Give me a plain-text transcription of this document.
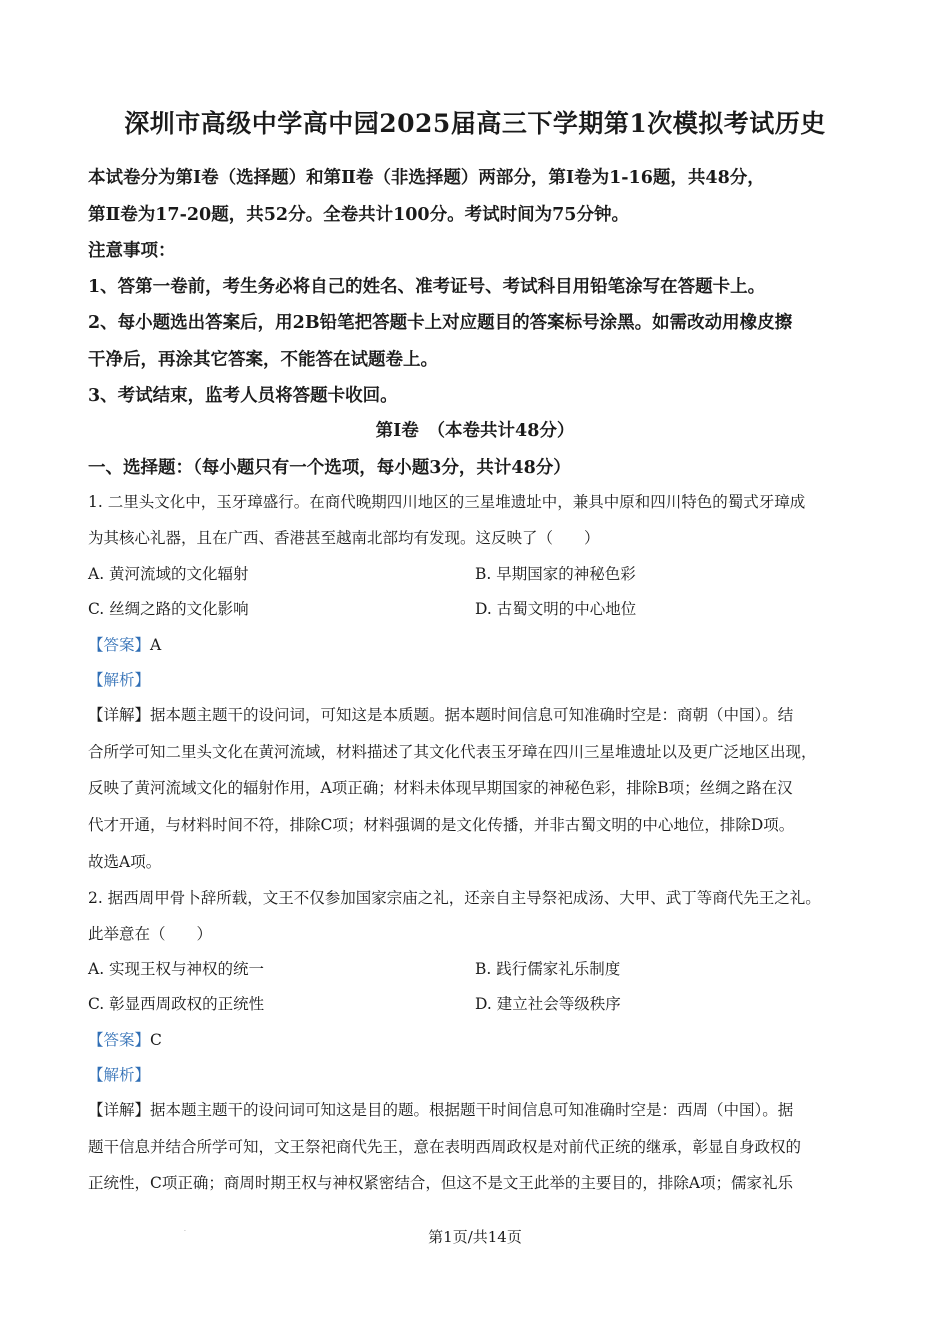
深圳市高级中学高中园2025届高三下学期第1次模拟考试历史
本试卷分为第Ⅰ卷（选择题）和第Ⅱ卷（非选择题）两部分，第Ⅰ卷为1-16题，共48分，
第Ⅱ卷为17-20题，共52分。全卷共计100分。考试时间为75分钟。
注意事项：
1、答第一卷前，考生务必将自己的姓名、准考证号、考试科目用铅笔涂写在答题卡上。
2、每小题选出答案后，用2B铅笔把答题卡上对应题目的答案标号涂黑。如需改动用橡皮擦
干净后，再涂其它答案，不能答在试题卷上。
3、考试结束，监考人员将答题卡收回。
第Ⅰ卷　（本卷共计48分）
一、选择题：（每小题只有一个选项，每小题3分，共计48分）
1. 二里头文化中，玉牙璋盛行。在商代晚期四川地区的三星堆遗址中，兼具中原和四川特色的蜀式牙璋成
为其核心礼器，且在广西、香港甚至越南北部均有发现。这反映了（　　）
A. 黄河流域的文化辐射	B. 早期国家的神秘色彩
C. 丝绸之路的文化影响	D. 古蜀文明的中心地位
【答案】A
【解析】
【详解】据本题主题干的设问词，可知这是本质题。据本题时间信息可知准确时空是：商朝（中国）。结
合所学可知二里头文化在黄河流域，材料描述了其文化代表玉牙璋在四川三星堆遗址以及更广泛地区出现，
反映了黄河流域文化的辐射作用，A项正确；材料未体现早期国家的神秘色彩，排除B项；丝绸之路在汉
代才开通，与材料时间不符，排除C项；材料强调的是文化传播，并非古蜀文明的中心地位，排除D项。
故选A项。
2. 据西周甲骨卜辞所载，文王不仅参加国家宗庙之礼，还亲自主导祭祀成汤、大甲、武丁等商代先王之礼。
此举意在（　　）
A. 实现王权与神权的统一	B. 践行儒家礼乐制度
C. 彰显西周政权的正统性	D. 建立社会等级秩序
【答案】C
【解析】
【详解】据本题主题干的设问词可知这是目的题。根据题干时间信息可知准确时空是：西周（中国）。据
题干信息并结合所学可知，文王祭祀商代先王，意在表明西周政权是对前代正统的继承，彰显自身政权的
正统性，C项正确；商周时期王权与神权紧密结合，但这不是文王此举的主要目的，排除A项；儒家礼乐
·	第1页/共14页
